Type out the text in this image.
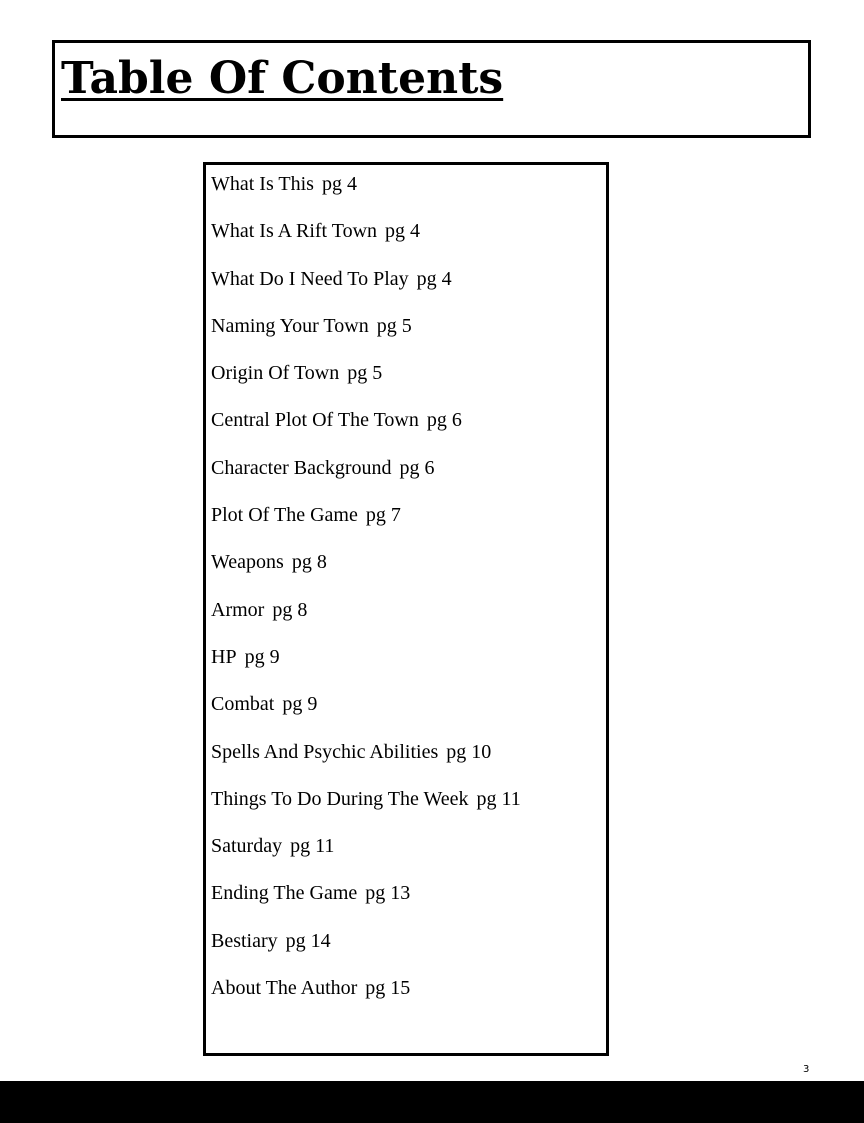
Table Of Contents
What Is This pg 4
What Is A Rift Town pg 4
What Do I Need To Play pg 4
Naming Your Town pg 5
Origin Of Town pg 5
Central Plot Of The Town pg 6
Character Background pg 6
Plot Of The Game pg 7
Weapons pg 8
Armor pg 8
HP pg 9
Combat pg 9
Spells And Psychic Abilities pg 10
Things To Do During The Week pg 11
Saturday pg 11
Ending The Game pg 13
Bestiary pg 14
About The Author pg 15
3
